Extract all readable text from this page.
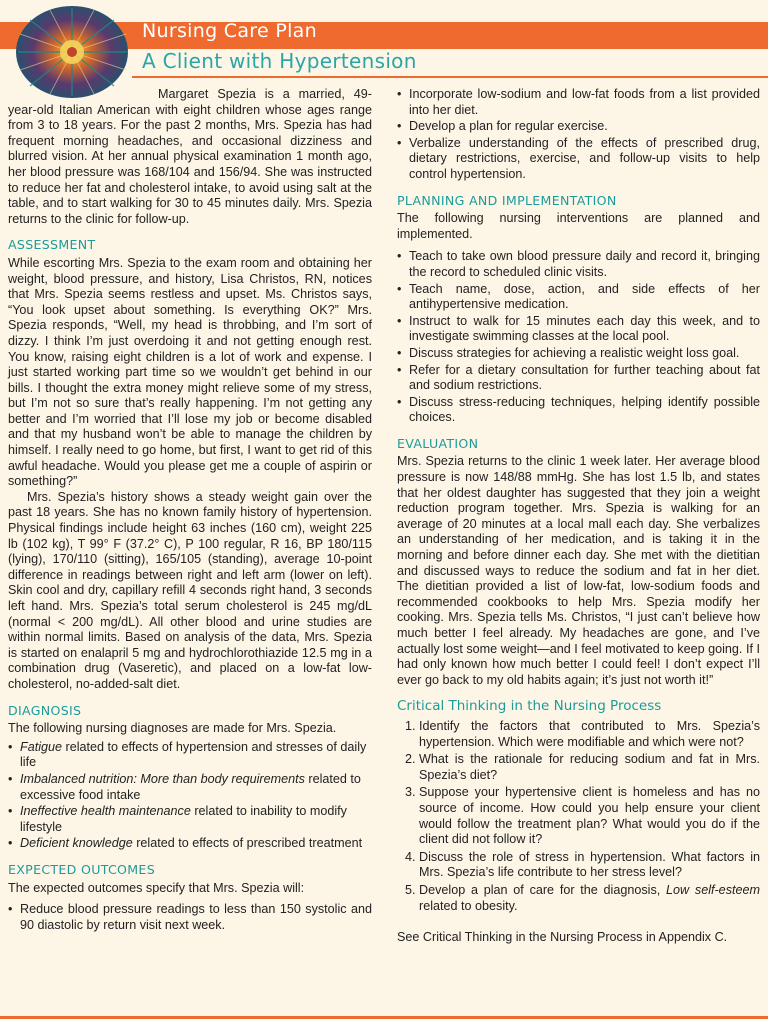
Nursing Care Plan
A Client with Hypertension

Margaret Spezia is a married, 49-year-old Italian American with eight children whose ages range from 3 to 18 years. For the past 2 months, Mrs. Spezia has had frequent morning headaches, and occasional dizziness and blurred vision. At her annual physical examination 1 month ago, her blood pressure was 168/104 and 156/94. She was instructed to reduce her fat and cholesterol intake, to avoid using salt at the table, and to start walking for 30 to 45 minutes daily. Mrs. Spezia returns to the clinic for follow-up.

ASSESSMENT

While escorting Mrs. Spezia to the exam room and obtaining her weight, blood pressure, and history, Lisa Christos, RN, notices that Mrs. Spezia seems restless and upset. Ms. Christos says, “You look upset about something. Is everything OK?” Mrs. Spezia responds, “Well, my head is throbbing, and I’m sort of dizzy. I think I’m just overdoing it and not getting enough rest. You know, raising eight children is a lot of work and expense. I just started working part time so we wouldn’t get behind in our bills. I thought the extra money might relieve some of my stress, but I’m not so sure that’s really happening. I’m not getting any better and I’m worried that I’ll lose my job or become disabled and that my husband won’t be able to manage the children by himself. I really need to go home, but first, I want to get rid of this awful headache. Would you please get me a couple of aspirin or something?”

Mrs. Spezia’s history shows a steady weight gain over the past 18 years. She has no known family history of hypertension. Physical findings include height 63 inches (160 cm), weight 225 lb (102 kg), T 99° F (37.2° C), P 100 regular, R 16, BP 180/115 (lying), 170/110 (sitting), 165/105 (standing), average 10-point difference in readings between right and left arm (lower on left). Skin cool and dry, capillary refill 4 seconds right hand, 3 seconds left hand. Mrs. Spezia’s total serum cholesterol is 245 mg/dL (normal < 200 mg/dL). All other blood and urine studies are within normal limits. Based on analysis of the data, Mrs. Spezia is started on enalapril 5 mg and hydrochlorothiazide 12.5 mg in a combination drug (Vaseretic), and placed on a low-fat low-cholesterol, no-added-salt diet.

DIAGNOSIS

The following nursing diagnoses are made for Mrs. Spezia.

• Fatigue related to effects of hypertension and stresses of daily life
• Imbalanced nutrition: More than body requirements related to excessive food intake
• Ineffective health maintenance related to inability to modify lifestyle
• Deficient knowledge related to effects of prescribed treatment
EXPECTED OUTCOMES

The expected outcomes specify that Mrs. Spezia will:

• Reduce blood pressure readings to less than 150 systolic and 90 diastolic by return visit next week.
• Incorporate low-sodium and low-fat foods from a list provided into her diet.
• Develop a plan for regular exercise.
• Verbalize understanding of the effects of prescribed drug, dietary restrictions, exercise, and follow-up visits to help control hypertension.
PLANNING AND IMPLEMENTATION

The following nursing interventions are planned and implemented.

• Teach to take own blood pressure daily and record it, bringing the record to scheduled clinic visits.
• Teach name, dose, action, and side effects of her antihypertensive medication.
• Instruct to walk for 15 minutes each day this week, and to investigate swimming classes at the local pool.
• Discuss strategies for achieving a realistic weight loss goal.
• Refer for a dietary consultation for further teaching about fat and sodium restrictions.
• Discuss stress-reducing techniques, helping identify possible choices.
EVALUATION

Mrs. Spezia returns to the clinic 1 week later. Her average blood pressure is now 148/88 mmHg. She has lost 1.5 lb, and states that her oldest daughter has suggested that they join a weight reduction program together. Mrs. Spezia is walking for an average of 20 minutes at a local mall each day. She verbalizes an understanding of her medication, and is taking it in the morning and before dinner each day. She met with the dietitian and discussed ways to reduce the sodium and fat in her diet. The dietitian provided a list of low-fat, low-sodium foods and recommended cookbooks to help Mrs. Spezia modify her cooking. Mrs. Spezia tells Ms. Christos, “I just can’t believe how much better I feel already. My headaches are gone, and I’ve actually lost some weight—and I feel motivated to keep going. If I had only known how much better I could feel! I don’t expect I’ll ever go back to my old habits again; it’s just not worth it!”

Critical Thinking in the Nursing Process
1. Identify the factors that contributed to Mrs. Spezia’s hypertension. Which were modifiable and which were not?
2. What is the rationale for reducing sodium and fat in Mrs. Spezia’s diet?
3. Suppose your hypertensive client is homeless and has no source of income. How could you help ensure your client would follow the treatment plan? What would you do if the client did not follow it?
4. Discuss the role of stress in hypertension. What factors in Mrs. Spezia’s life contribute to her stress level?
5. Develop a plan of care for the diagnosis, Low self-esteem related to obesity.

See Critical Thinking in the Nursing Process in Appendix C.
